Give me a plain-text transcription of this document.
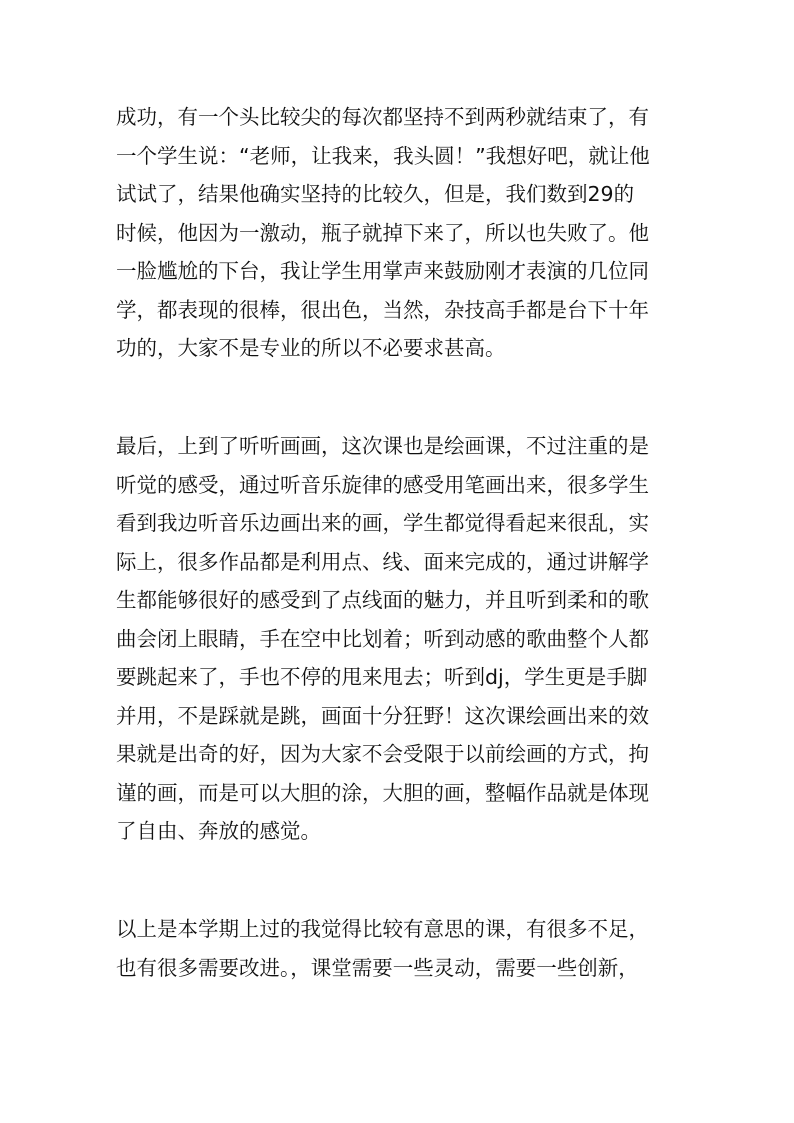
成功，有一个头比较尖的每次都坚持不到两秒就结束了，有
一个学生说：“老师，让我来，我头圆！”我想好吧，就让他
试试了，结果他确实坚持的比较久，但是，我们数到29的
时候，他因为一激动，瓶子就掉下来了，所以也失败了。他
一脸尴尬的下台，我让学生用掌声来鼓励刚才表演的几位同
学，都表现的很棒，很出色，当然，杂技高手都是台下十年
功的，大家不是专业的所以不必要求甚高。

最后，上到了听听画画，这次课也是绘画课，不过注重的是
听觉的感受，通过听音乐旋律的感受用笔画出来，很多学生
看到我边听音乐边画出来的画，学生都觉得看起来很乱，实
际上，很多作品都是利用点、线、面来完成的，通过讲解学
生都能够很好的感受到了点线面的魅力，并且听到柔和的歌
曲会闭上眼睛，手在空中比划着；听到动感的歌曲整个人都
要跳起来了，手也不停的甩来甩去；听到dj，学生更是手脚
并用，不是踩就是跳，画面十分狂野！这次课绘画出来的效
果就是出奇的好，因为大家不会受限于以前绘画的方式，拘
谨的画，而是可以大胆的涂，大胆的画，整幅作品就是体现
了自由、奔放的感觉。

以上是本学期上过的我觉得比较有意思的课，有很多不足，
也有很多需要改进。，课堂需要一些灵动，需要一些创新，
